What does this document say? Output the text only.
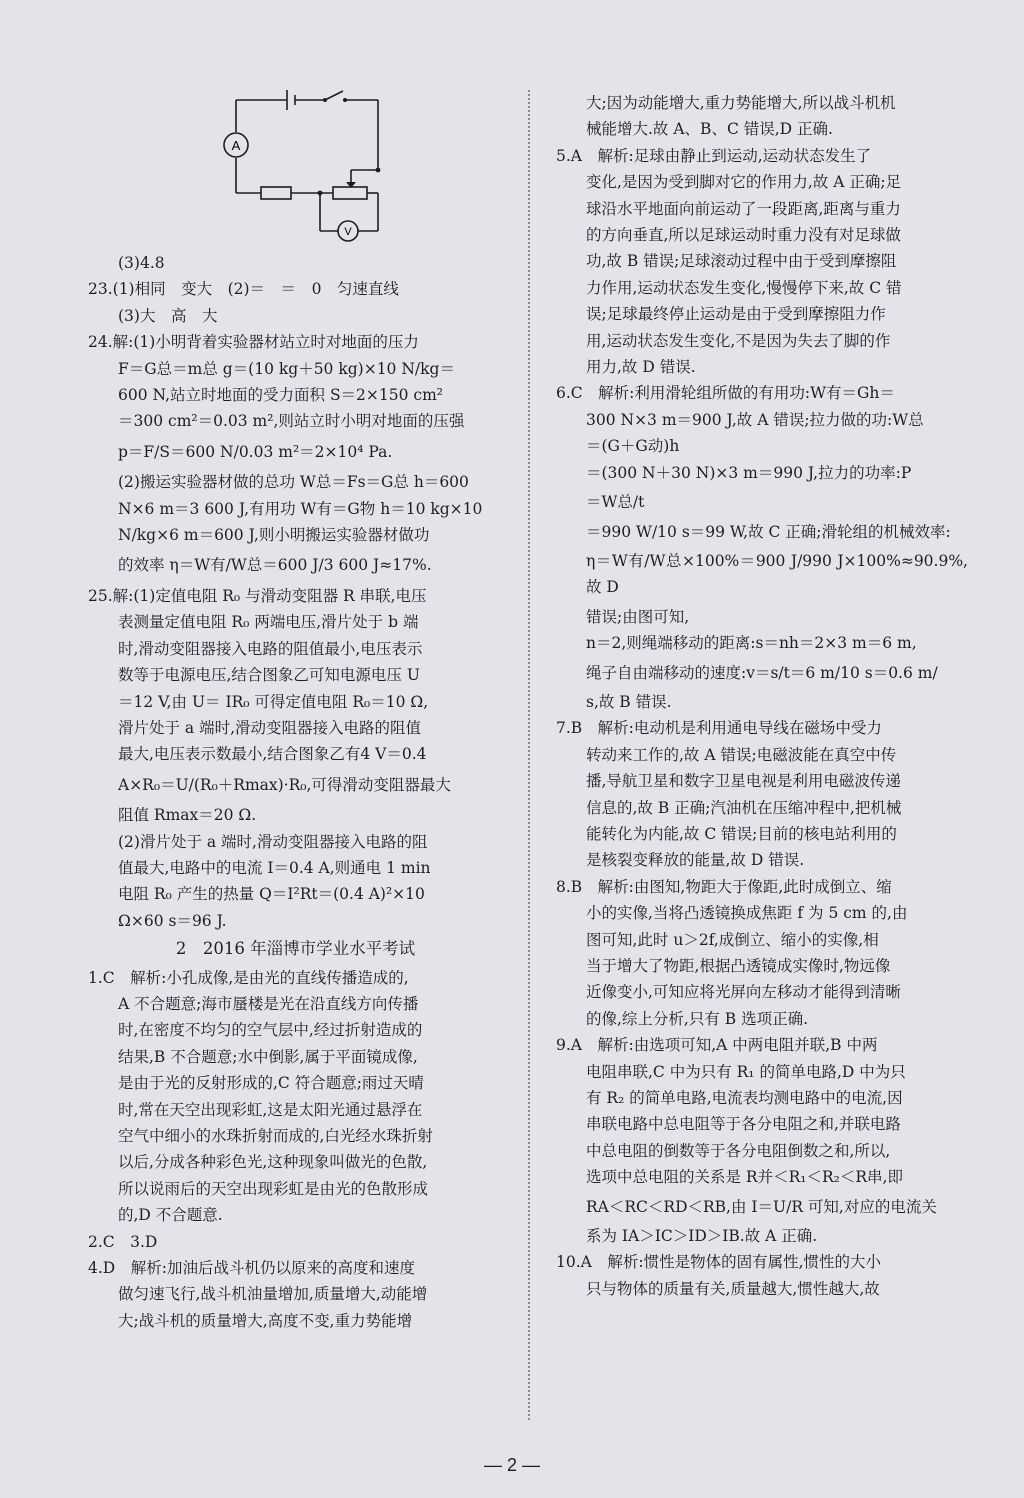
A
V

(3)4.8

23.(1)相同　变大　(2)＝　＝　0　匀速直线

(3)大　高　大

24.解:(1)小明背着实验器材站立时对地面的压力

F＝G总＝m总 g＝(10 kg＋50 kg)×10 N/kg＝

600 N,站立时地面的受力面积 S＝2×150 cm²

＝300 cm²＝0.03 m²,则站立时小明对地面的压强

p＝F/S＝600 N/0.03 m²＝2×10⁴ Pa.

(2)搬运实验器材做的总功 W总＝Fs＝G总 h＝600

N×6 m＝3 600 J,有用功 W有＝G物 h＝10 kg×10

N/kg×6 m＝600 J,则小明搬运实验器材做功

的效率 η＝W有/W总＝600 J/3 600 J≈17%.

25.解:(1)定值电阻 R₀ 与滑动变阻器 R 串联,电压

表测量定值电阻 R₀ 两端电压,滑片处于 b 端

时,滑动变阻器接入电路的阻值最小,电压表示

数等于电源电压,结合图象乙可知电源电压 U

＝12 V,由 U＝ IR₀ 可得定值电阻 R₀＝10 Ω,

滑片处于 a 端时,滑动变阻器接入电路的阻值

最大,电压表示数最小,结合图象乙有4 V＝0.4

A×R₀＝U/(R₀＋Rmax)·R₀,可得滑动变阻器最大

阻值 Rmax＝20 Ω.

(2)滑片处于 a 端时,滑动变阻器接入电路的阻

值最大,电路中的电流 I＝0.4 A,则通电 1 min

电阻 R₀ 产生的热量 Q＝I²Rt＝(0.4 A)²×10

Ω×60 s＝96 J.

2　2016 年淄博市学业水平考试

1.C　解析:小孔成像,是由光的直线传播造成的,

A 不合题意;海市蜃楼是光在沿直线方向传播

时,在密度不均匀的空气层中,经过折射造成的

结果,B 不合题意;水中倒影,属于平面镜成像,

是由于光的反射形成的,C 符合题意;雨过天晴

时,常在天空出现彩虹,这是太阳光通过悬浮在

空气中细小的水珠折射而成的,白光经水珠折射

以后,分成各种彩色光,这种现象叫做光的色散,

所以说雨后的天空出现彩虹是由光的色散形成

的,D 不合题意.

2.C　3.D

4.D　解析:加油后战斗机仍以原来的高度和速度

做匀速飞行,战斗机油量增加,质量增大,动能增

大;战斗机的质量增大,高度不变,重力势能增

大;因为动能增大,重力势能增大,所以战斗机机

械能增大.故 A、B、C 错误,D 正确.

5.A　解析:足球由静止到运动,运动状态发生了

变化,是因为受到脚对它的作用力,故 A 正确;足

球沿水平地面向前运动了一段距离,距离与重力

的方向垂直,所以足球运动时重力没有对足球做

功,故 B 错误;足球滚动过程中由于受到摩擦阻

力作用,运动状态发生变化,慢慢停下来,故 C 错

误;足球最终停止运动是由于受到摩擦阻力作

用,运动状态发生变化,不是因为失去了脚的作

用力,故 D 错误.

6.C　解析:利用滑轮组所做的有用功:W有＝Gh＝

300 N×3 m＝900 J,故 A 错误;拉力做的功:W总

＝(G＋G动)h

＝(300 N＋30 N)×3 m＝990 J,拉力的功率:P

＝W总/t

＝990 W/10 s＝99 W,故 C 正确;滑轮组的机械效率:

η＝W有/W总×100%＝900 J/990 J×100%≈90.9%,故 D

错误;由图可知,

n＝2,则绳端移动的距离:s＝nh＝2×3 m＝6 m,

绳子自由端移动的速度:v＝s/t＝6 m/10 s＝0.6 m/

s,故 B 错误.

7.B　解析:电动机是利用通电导线在磁场中受力

转动来工作的,故 A 错误;电磁波能在真空中传

播,导航卫星和数字卫星电视是利用电磁波传递

信息的,故 B 正确;汽油机在压缩冲程中,把机械

能转化为内能,故 C 错误;目前的核电站利用的

是核裂变释放的能量,故 D 错误.

8.B　解析:由图知,物距大于像距,此时成倒立、缩

小的实像,当将凸透镜换成焦距 f 为 5 cm 的,由

图可知,此时 u＞2f,成倒立、缩小的实像,相

当于增大了物距,根据凸透镜成实像时,物远像

近像变小,可知应将光屏向左移动才能得到清晰

的像,综上分析,只有 B 选项正确.

9.A　解析:由选项可知,A 中两电阻并联,B 中两

电阻串联,C 中为只有 R₁ 的简单电路,D 中为只

有 R₂ 的简单电路,电流表均测电路中的电流,因

串联电路中总电阻等于各分电阻之和,并联电路

中总电阻的倒数等于各分电阻倒数之和,所以,

选项中总电阻的关系是 R并＜R₁＜R₂＜R串,即

RA＜RC＜RD＜RB,由 I＝U/R 可知,对应的电流关

系为 IA＞IC＞ID＞IB.故 A 正确.

10.A　解析:惯性是物体的固有属性,惯性的大小

只与物体的质量有关,质量越大,惯性越大,故

— 2 —
